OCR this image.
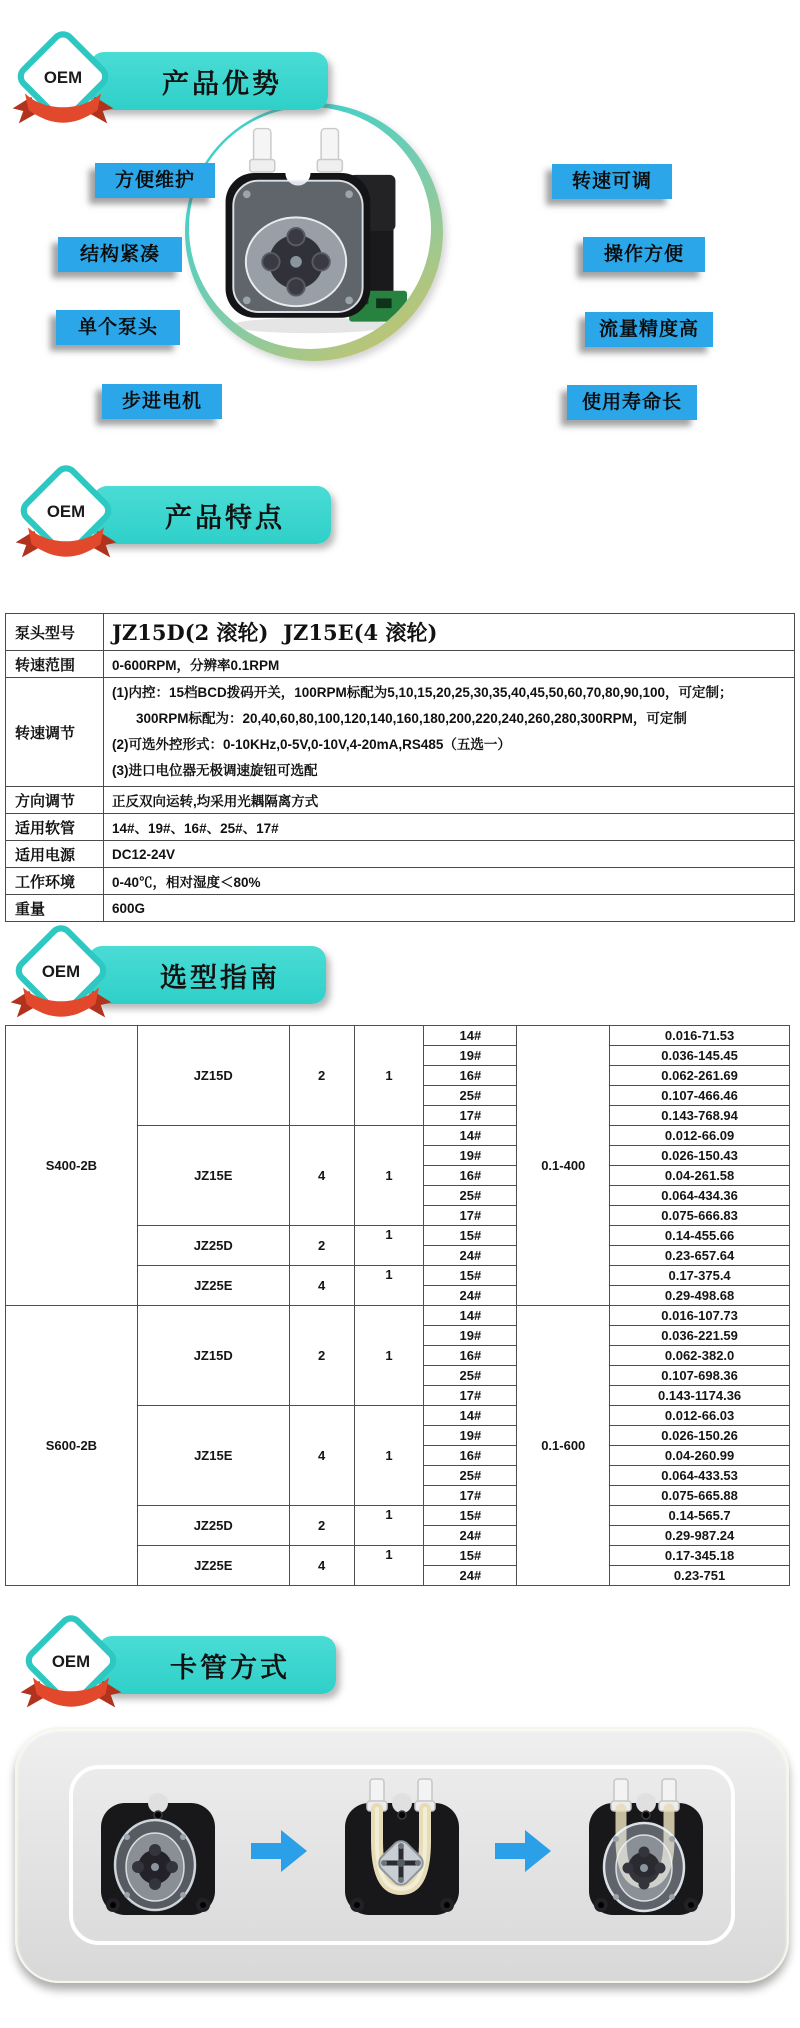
产品优势
OEM
方便维护
结构紧凑
单个泵头
步进电机
转速可调
操作方便
流量精度高
使用寿命长
产品特点
OEM
泵头型号	JZ15D(2 滚轮)  JZ15E(4 滚轮)
转速范围	0-600RPM，分辨率0.1RPM
转速调节	(1)内控：15档BCD拨码开关，100RPM标配为5,10,15,20,25,30,35,40,45,50,60,70,80,90,100，可定制；
300RPM标配为：20,40,60,80,100,120,140,160,180,200,220,240,260,280,300RPM，可定制
(2)可选外控形式：0-10KHz,0-5V,0-10V,4-20mA,RS485（五选一）
(3)进口电位器无极调速旋钮可选配

方向调节	正反双向运转,均采用光耦隔离方式
适用软管	14#、19#、16#、25#、17#
适用电源	DC12-24V
工作环境	0-40℃，相对湿度＜80%
重量	600G
选型指南
OEM
S400-2B	JZ15D	2	1	14#	0.1-400	0.016-71.53
				19#		0.036-145.45
				16#		0.062-261.69
				25#		0.107-466.46
				17#		0.143-768.94
	JZ15E	4	1	14#		0.012-66.09
				19#		0.026-150.43
				16#		0.04-261.58
				25#		0.064-434.36
				17#		0.075-666.83
	JZ25D	2	1	15#		0.14-455.66
				24#		0.23-657.64
	JZ25E	4	1	15#		0.17-375.4
				24#		0.29-498.68
S600-2B	JZ15D	2	1	14#	0.1-600	0.016-107.73
				19#		0.036-221.59
				16#		0.062-382.0
				25#		0.107-698.36
				17#		0.143-1174.36
	JZ15E	4	1	14#		0.012-66.03
				19#		0.026-150.26
				16#		0.04-260.99
				25#		0.064-433.53
				17#		0.075-665.88
	JZ25D	2	1	15#		0.14-565.7
				24#		0.29-987.24
	JZ25E	4	1	15#		0.17-345.18
				24#		0.23-751
卡管方式
OEM
